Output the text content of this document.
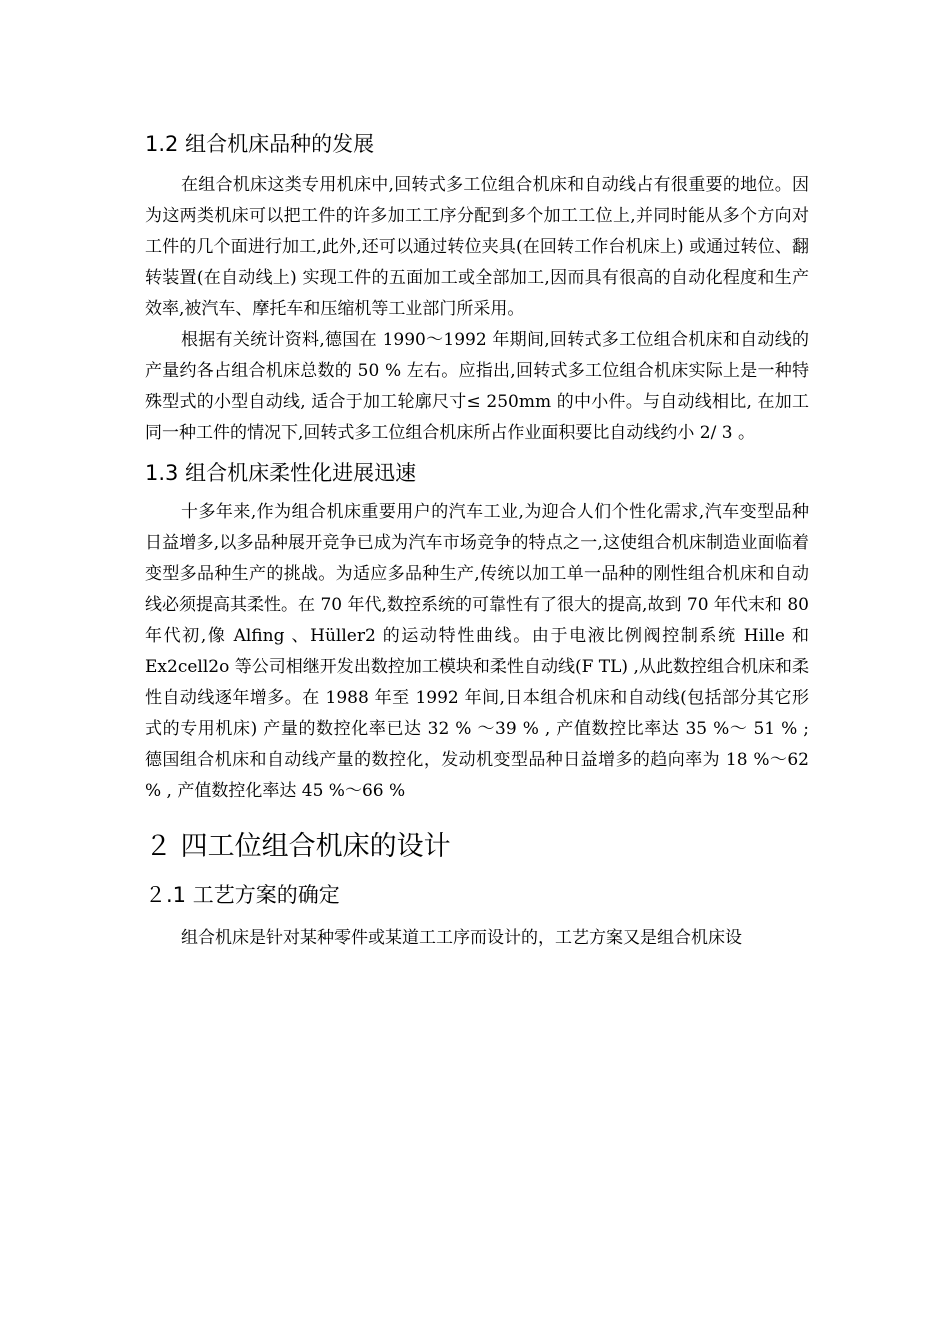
1.2 组合机床品种的发展

在组合机床这类专用机床中,回转式多工位组合机床和自动线占有很重要的地位。因为这两类机床可以把工件的许多加工工序分配到多个加工工位上,并同时能从多个方向对工件的几个面进行加工,此外,还可以通过转位夹具(在回转工作台机床上) 或通过转位、翻转装置(在自动线上) 实现工件的五面加工或全部加工,因而具有很高的自动化程度和生产效率,被汽车、摩托车和压缩机等工业部门所采用。

根据有关统计资料,德国在 1990～1992 年期间,回转式多工位组合机床和自动线的产量约各占组合机床总数的 50 % 左右。应指出,回转式多工位组合机床实际上是一种特殊型式的小型自动线, 适合于加工轮廓尺寸≤ 250mm 的中小件。与自动线相比, 在加工同一种工件的情况下,回转式多工位组合机床所占作业面积要比自动线约小 2/ 3 。

1.3 组合机床柔性化进展迅速

十多年来,作为组合机床重要用户的汽车工业,为迎合人们个性化需求,汽车变型品种日益增多,以多品种展开竞争已成为汽车市场竞争的特点之一,这使组合机床制造业面临着变型多品种生产的挑战。为适应多品种生产,传统以加工单一品种的刚性组合机床和自动线必须提高其柔性。在 70 年代,数控系统的可靠性有了很大的提高,故到 70 年代末和 80 年代初,像 Alfing 、Hüller2 的运动特性曲线。由于电液比例阀控制系统 Hille 和 Ex2cell2o 等公司相继开发出数控加工模块和柔性自动线(F TL) ,从此数控组合机床和柔性自动线逐年增多。在 1988 年至 1992 年间,日本组合机床和自动线(包括部分其它形式的专用机床) 产量的数控化率已达 32 % ～39 % , 产值数控比率达 35 %～ 51 % ; 德国组合机床和自动线产量的数控化，发动机变型品种日益增多的趋向率为 18 %～62 % , 产值数控化率达 45 %～66 %

２ 四工位组合机床的设计
２.1 工艺方案的确定

组合机床是针对某种零件或某道工工序而设计的，工艺方案又是组合机床设
